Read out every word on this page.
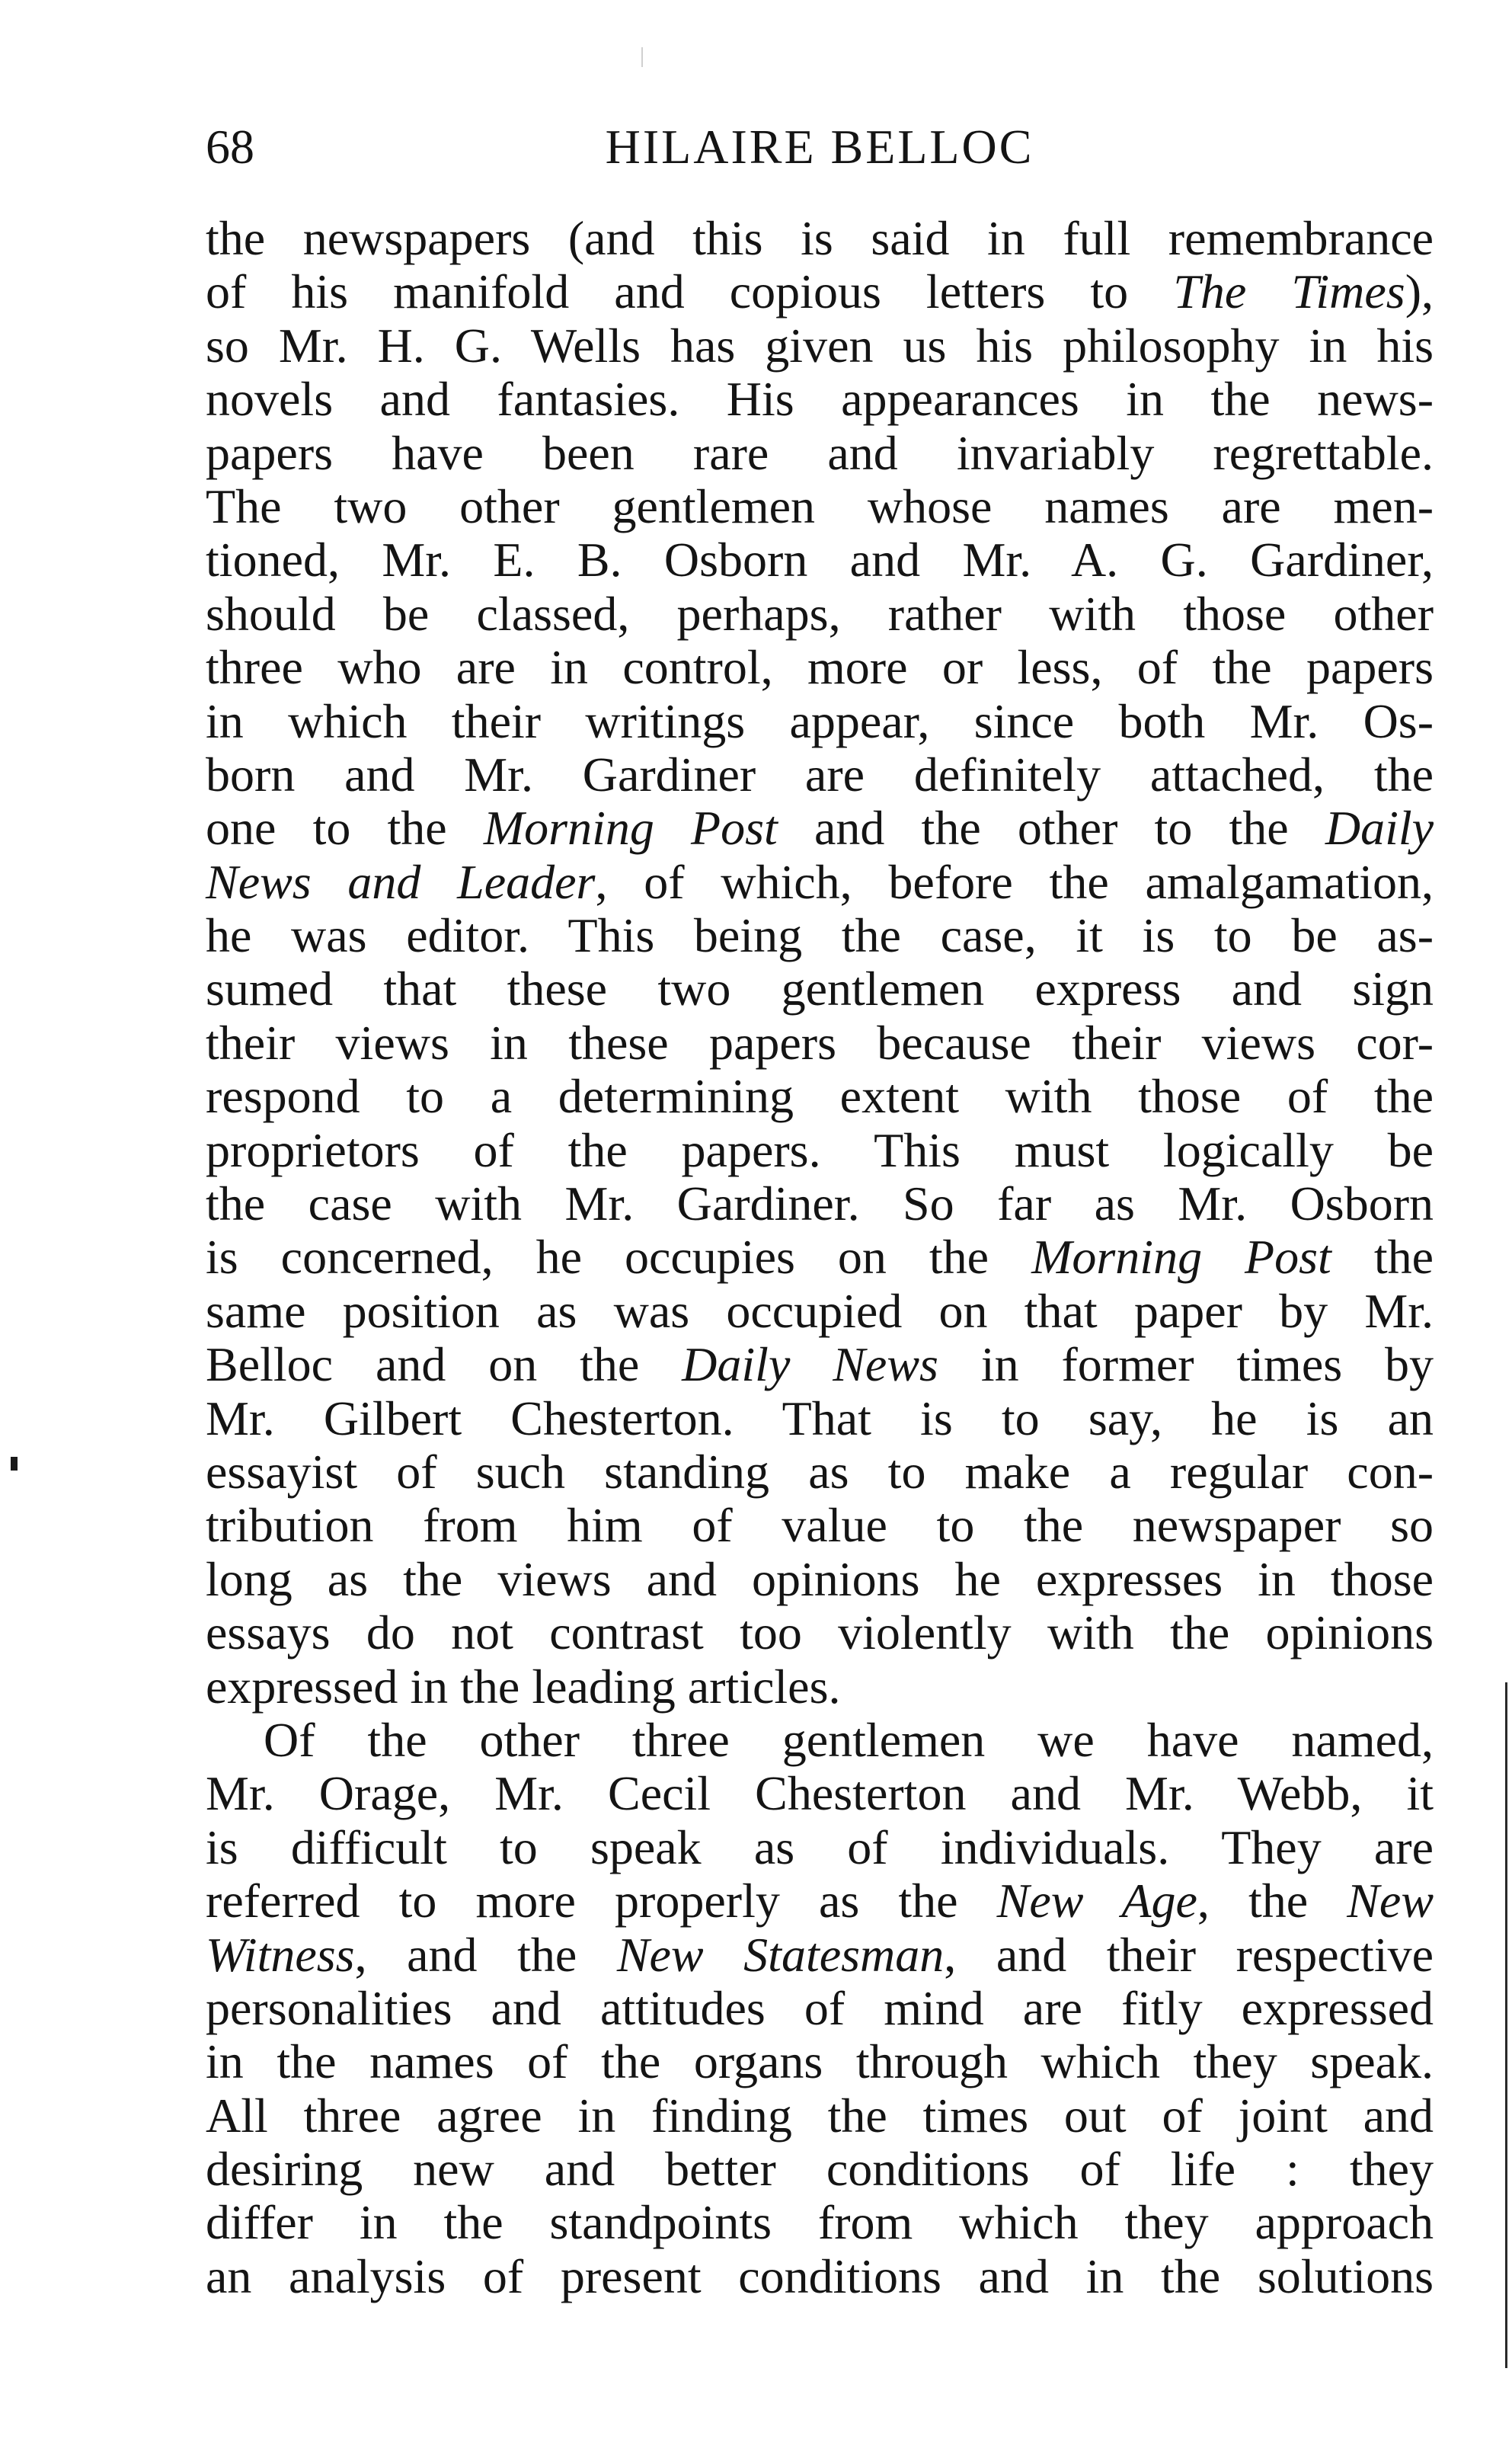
68	HILAIRE BELLOC
the newspapers (and this is said in full remembrance
of his manifold and copious letters to The Times),
so Mr. H. G. Wells has given us his philosophy in his
novels and fantasies. His appearances in the news-
papers have been rare and invariably regrettable.
The two other gentlemen whose names are men-
tioned, Mr. E. B. Osborn and Mr. A. G. Gardiner,
should be classed, perhaps, rather with those other
three who are in control, more or less, of the papers
in which their writings appear, since both Mr. Os-
born and Mr. Gardiner are definitely attached, the
one to the Morning Post and the other to the Daily
News and Leader, of which, before the amalgamation,
he was editor. This being the case, it is to be as-
sumed that these two gentlemen express and sign
their views in these papers because their views cor-
respond to a determining extent with those of the
proprietors of the papers. This must logically be
the case with Mr. Gardiner. So far as Mr. Osborn
is concerned, he occupies on the Morning Post the
same position as was occupied on that paper by Mr.
Belloc and on the Daily News in former times by
Mr. Gilbert Chesterton. That is to say, he is an
essayist of such standing as to make a regular con-
tribution from him of value to the newspaper so
long as the views and opinions he expresses in those
essays do not contrast too violently with the opinions
expressed in the leading articles.
Of the other three gentlemen we have named,
Mr. Orage, Mr. Cecil Chesterton and Mr. Webb, it
is difficult to speak as of individuals. They are
referred to more properly as the New Age, the New
Witness, and the New Statesman, and their respective
personalities and attitudes of mind are fitly expressed
in the names of the organs through which they speak.
All three agree in finding the times out of joint and
desiring new and better conditions of life : they
differ in the standpoints from which they approach
an analysis of present conditions and in the solutions
